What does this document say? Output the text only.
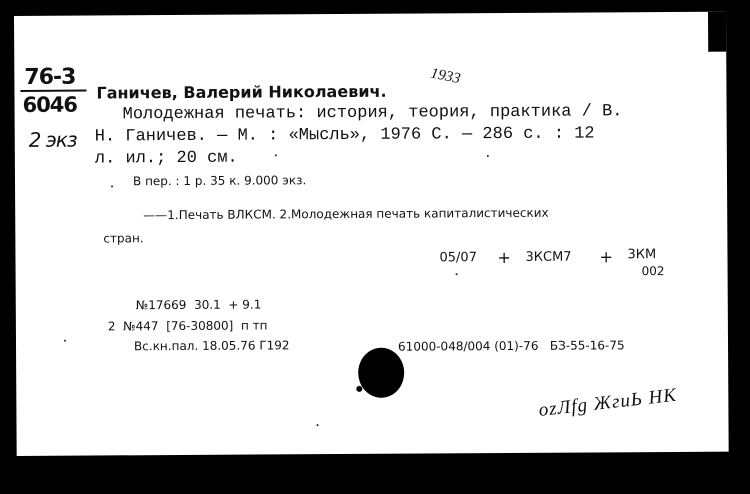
76-3
6046
2 экз
1933
Ганичев, Валерий Николаевич.
Молодежная печать: история, теория, практика / В.
Н. Ганичев. — М. : «Мысль», 1976 С. — 286 с. : 12
л. ил.; 20 см.
В пер. : 1 р. 35 к. 9.000 экз.
——1.Печать ВЛКСМ. 2.Молодежная печать капиталистических
стран.
05/07 + 3КСМ7 + 3КМ
002
№17669  30.1  + 9.1
2  №447  [76-30800]  п тп
Вс.кн.пал. 18.05.76 Г192	61000-048/004 (01)-76   БЗ-55-16-75
ozЛfg ЖгиЬ НК
